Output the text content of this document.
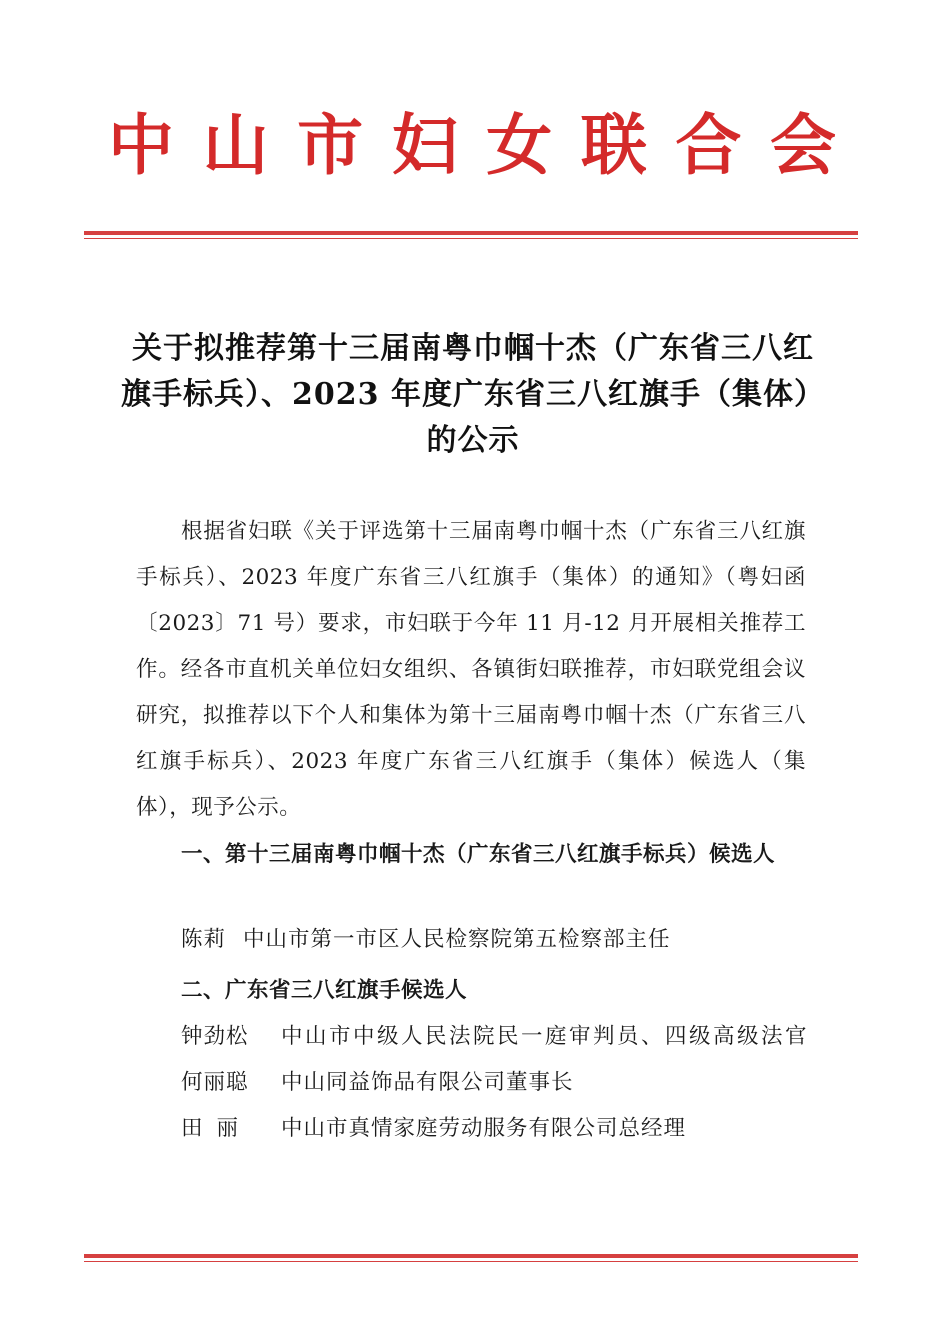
中 山 市 妇 女 联 合 会
关于拟推荐第十三届南粤巾帼十杰（广东省三八红旗手标兵）、2023 年度广东省三八红旗手（集体）的公示
根据省妇联《关于评选第十三届南粤巾帼十杰（广东省三八红旗手标兵）、2023 年度广东省三八红旗手（集体）的通知》（粤妇函〔2023〕71 号）要求，市妇联于今年 11 月-12 月开展相关推荐工作。经各市直机关单位妇女组织、各镇街妇联推荐，市妇联党组会议研究，拟推荐以下个人和集体为第十三届南粤巾帼十杰（广东省三八红旗手标兵）、2023 年度广东省三八红旗手（集体）候选人（集体），现予公示。
一、第十三届南粤巾帼十杰（广东省三八红旗手标兵）候选人
陈莉 中山市第一市区人民检察院第五检察部主任
二、广东省三八红旗手候选人
钟劲松	中山市中级人民法院民一庭审判员、四级高级法官
何丽聪	中山同益饰品有限公司董事长
田丽	中山市真情家庭劳动服务有限公司总经理
